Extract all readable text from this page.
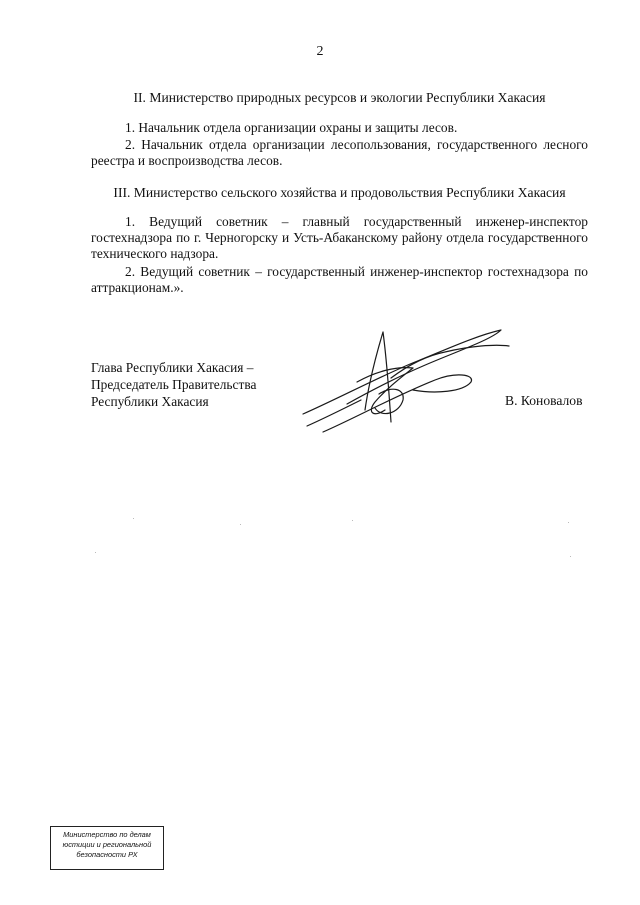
2
II. Министерство природных ресурсов и экологии Республики Хакасия

1. Начальник отдела организации охраны и защиты лесов.

2. Начальник отдела организации лесопользования, государственного лесного реестра и воспроизводства лесов.

III. Министерство сельского хозяйства и продовольствия Республики Хакасия

1. Ведущий советник – главный государственный инженер-инспектор гостехнадзора по г. Черногорску и Усть-Абаканскому району отдела государственного технического надзора.

2. Ведущий советник – государственный инженер-инспектор гостехнадзора по аттракционам.».

Глава Республики Хакасия –
Председатель Правительства
Республики Хакасия	В. Коновалов
Министерство по делам
юстиции и региональной
безопасности РХ
